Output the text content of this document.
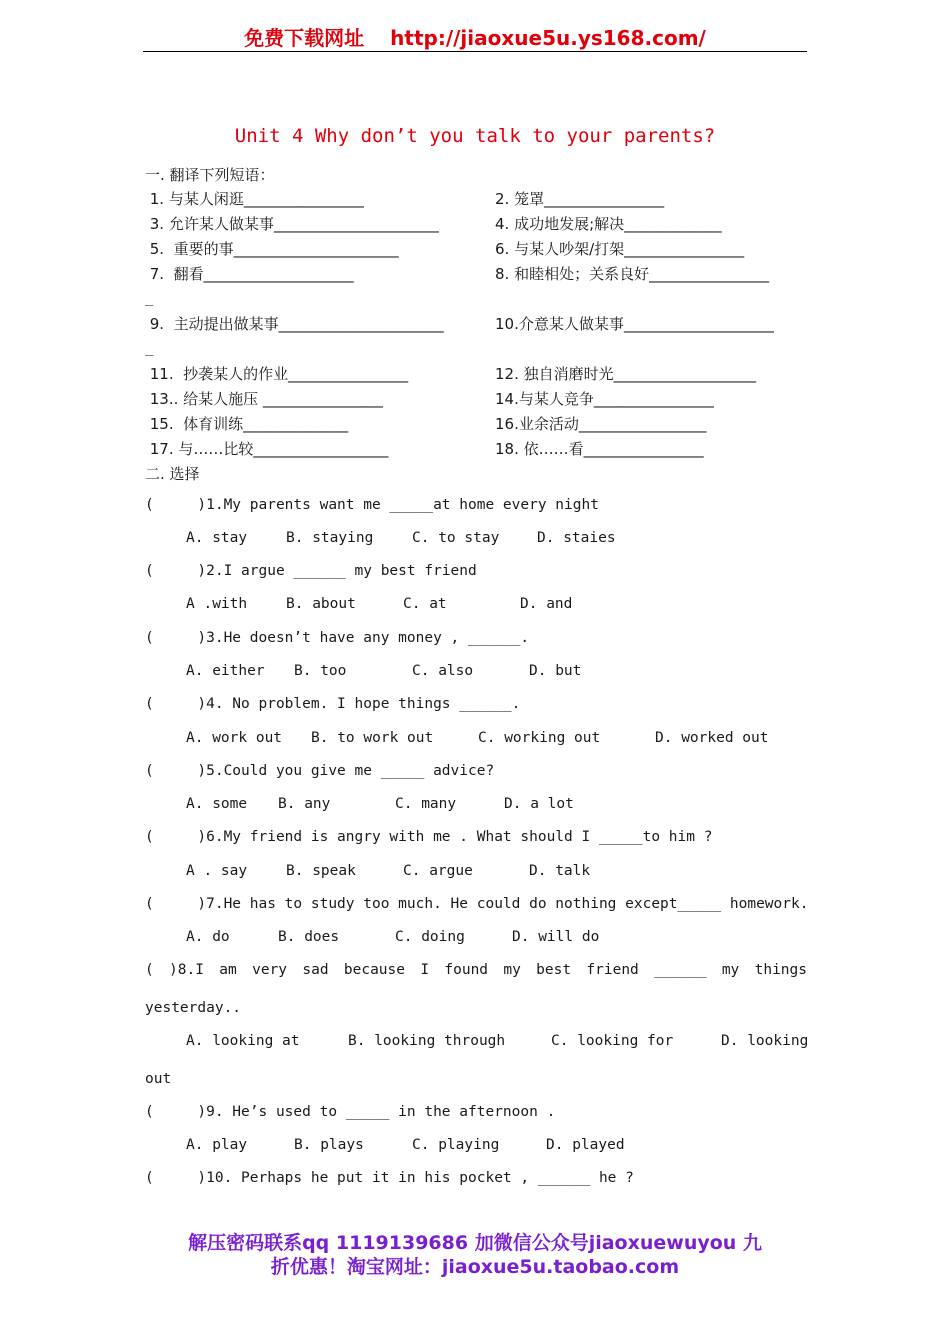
免费下载网址 http://jiaoxue5u.ys168.com/
Unit 4 Why don’t you talk to your parents?
一. 翻译下列短语：
1. 与某人闲逛________________	2. 笼罩________________
3. 允许某人做某事______________________	4. 成功地发展;解决_____________
5.  重要的事______________________	6. 与某人吵架/打架________________
7.  翻看____________________	8. 和睦相处；关系良好________________
_
9.  主动提出做某事______________________	10.介意某人做某事____________________
_
11.  抄袭某人的作业________________	12. 独自消磨时光___________________
13.. 给某人施压 ________________	14.与某人竞争________________
15.  体育训练______________	16.业余活动_________________
17. 与……比较__________________	18. 依……看________________
二. 选择
(     )1.My parents want me _____at home every night
A. stay	B. staying	C. to stay	D. staies
(     )2.I argue ______ my best friend
A .with	B. about	C. at	D. and
(     )3.He doesn’t have any money , ______.
A. either B. too	C. also	D. but
(     )4. No problem. I hope things ______.
A. work out B. to work out	C. working out	D. worked out
(     )5.Could you give me _____ advice?
A. some B. any	C. many	D. a lot
(     )6.My friend is angry with me . What should I _____to him ?
A . say	B. speak	C. argue	D. talk
(     )7.He has to study too much. He could do nothing except_____ homework.
A. do	B. does	C. doing	D. will do
( )8.I am very sad because I found my best friend ______ my things
yesterday..
A. looking at	B. looking through	C. looking for	D. looking
out
(     )9. He’s used to _____ in the afternoon .
A. play	B. plays	C. playing	D. played
(     )10. Perhaps he put it in his pocket , ______ he ?
解压密码联系qq 1119139686 加微信公众号jiaoxuewuyou 九
折优惠！淘宝网址：jiaoxue5u.taobao.com
